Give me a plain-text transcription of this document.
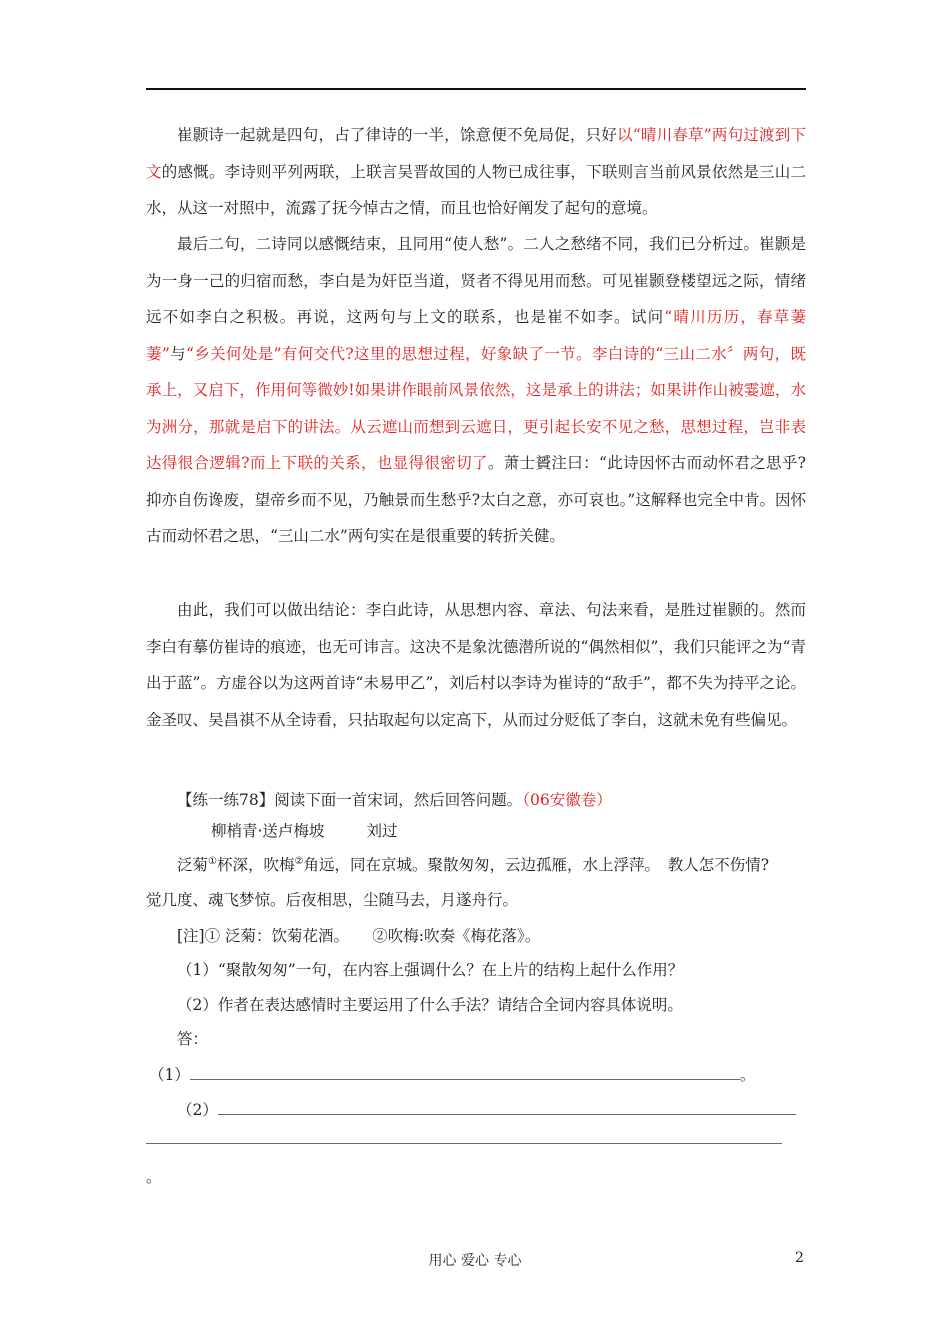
崔颢诗一起就是四句，占了律诗的一半，馀意便不免局促，只好以“晴川春草”两句过渡到下文的感慨。李诗则平列两联，上联言吴晋故国的人物已成往事，下联则言当前风景依然是三山二水，从这一对照中，流露了抚今悼古之情，而且也恰好阐发了起句的意境。

最后二句，二诗同以感慨结束，且同用“使人愁”。二人之愁绪不同，我们已分析过。崔颢是为一身一己的归宿而愁，李白是为奸臣当道，贤者不得见用而愁。可见崔颢登楼望远之际，情绪远不如李白之积极。再说，这两句与上文的联系，也是崔不如李。试问“晴川历历，春草萋萋”与“乡关何处是”有何交代?这里的思想过程，好象缺了一节。李白诗的“三山二水〞两句，既承上，又启下，作用何等微妙!如果讲作眼前风景依然，这是承上的讲法；如果讲作山被霎遮，水为洲分，那就是启下的讲法。从云遮山而想到云遮日，更引起长安不见之愁，思想过程，岂非表达得很合逻辑?而上下联的关系，也显得很密切了。萧士贇注曰：“此诗因怀古而动怀君之思乎?抑亦自伤谗废，望帝乡而不见，乃触景而生愁乎?太白之意，亦可哀也。”这解释也完全中肯。因怀古而动怀君之思，“三山二水”两句实在是很重要的转折关健。

由此，我们可以做出结论：李白此诗，从思想内容、章法、句法来看，是胜过崔颢的。然而李白有摹仿崔诗的痕迹，也无可讳言。这决不是象沈德潜所说的“偶然相似”，我们只能评之为“青出于蓝”。方虚谷以为这两首诗“未易甲乙”，刘后村以李诗为崔诗的“敌手”，都不失为持平之论。金圣叹、吴昌祺不从全诗看，只拈取起句以定高下，从而过分贬低了李白，这就未免有些偏见。

【练一练78】阅读下面一首宋词，然后回答问题。（06安徽卷）

柳梢青·送卢梅坡	刘过

泛菊①杯深，吹梅②角远，同在京城。聚散匆匆，云边孤雁，水上浮萍。　教人怎不伤情?

觉几度、魂飞梦惊。后夜相思，尘随马去，月遂舟行。

[注]① 泛菊：饮菊花酒。　　②吹梅:吹奏《梅花落》。

（1）“聚散匆匆”一句，在内容上强调什么？在上片的结构上起什么作用？

（2）作者在表达感情时主要运用了什么手法？请结合全词内容具体说明。

答：

（1）	。

（2）

。

用心 爱心 专心	2
